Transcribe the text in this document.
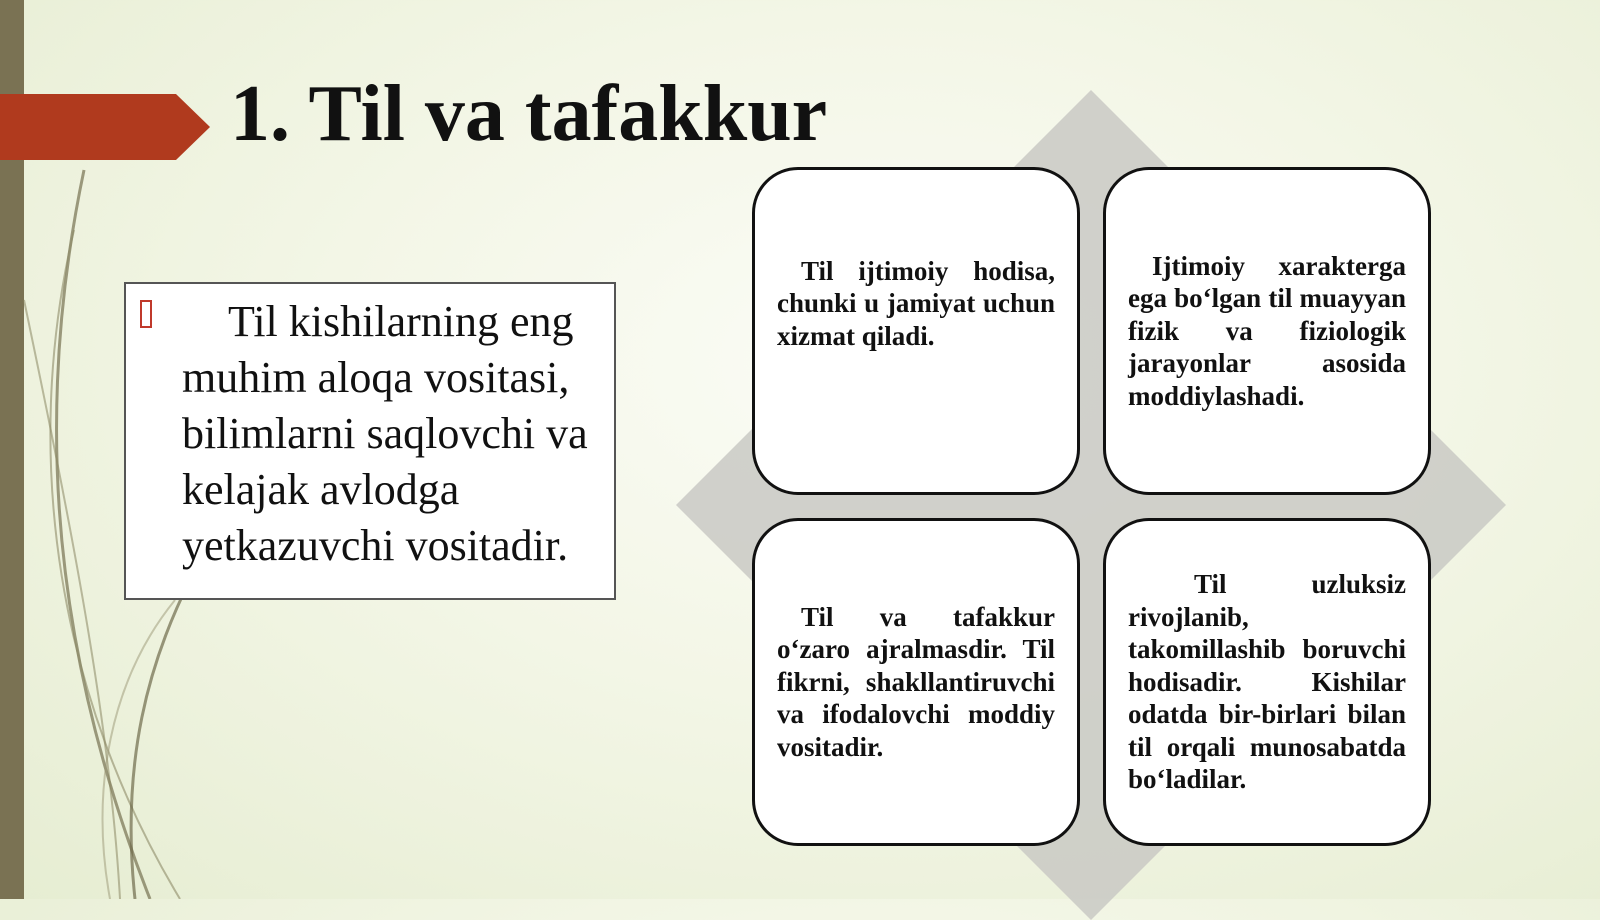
1. Til va tafakkur

Til kishilarning eng muhim aloqa vositasi, bilimlarni saqlovchi va kelajak avlodga yetkazuvchi vositadir.

Til ijtimoiy hodisa, chunki u jamiyat uchun xizmat qiladi.

Ijtimoiy xarakterga ega bo‘lgan til muayyan fizik va fiziologik jarayonlar asosida moddiylashadi.

Til va tafakkur o‘zaro ajralmasdir. Til fikrni, shakllantiruvchi va ifodalovchi moddiy vositadir.

Til uzluksiz rivojlanib, takomillashib boruvchi hodisadir. Kishilar odatda bir-birlari bilan til orqali munosabatda bo‘ladilar.
